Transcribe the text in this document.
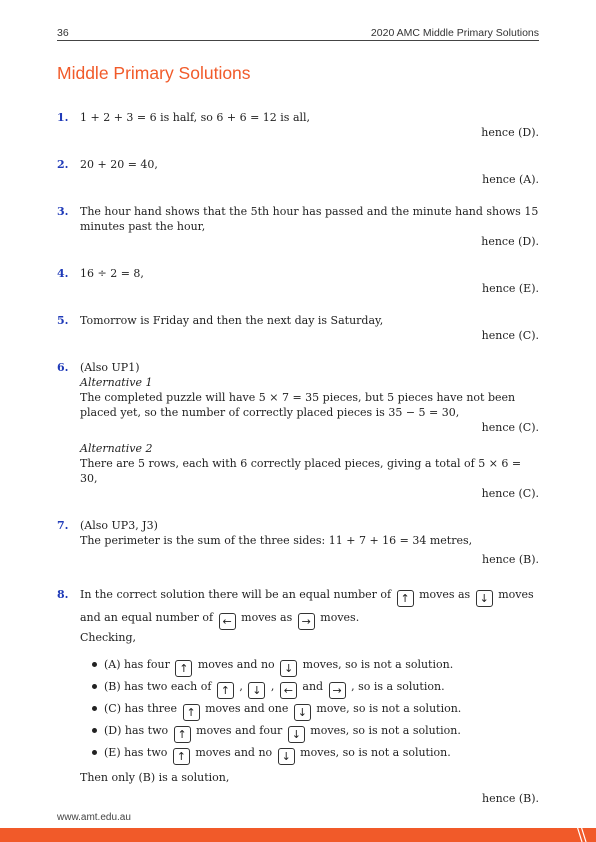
36	2020 AMC Middle Primary Solutions
Middle Primary Solutions
1. 1 + 2 + 3 = 6 is half, so 6 + 6 = 12 is all,
hence (D).
2. 20 + 20 = 40,
hence (A).
3. The hour hand shows that the 5th hour has passed and the minute hand shows 15 minutes past the hour,
hence (D).
4. 16 ÷ 2 = 8,
hence (E).
5. Tomorrow is Friday and then the next day is Saturday,
hence (C).
6. (Also UP1)
Alternative 1
The completed puzzle will have 5 × 7 = 35 pieces, but 5 pieces have not been placed yet, so the number of correctly placed pieces is 35 − 5 = 30,
hence (C).
Alternative 2
There are 5 rows, each with 6 correctly placed pieces, giving a total of 5 × 6 = 30,
hence (C).
7. (Also UP3, J3)
The perimeter is the sum of the three sides: 11 + 7 + 16 = 34 metres,
hence (B).
8. In the correct solution there will be an equal number of ↑ moves as ↓ moves and an equal number of ← moves as → moves.
Checking,
(A) has four ↑ moves and no ↓ moves, so is not a solution.
(B) has two each of ↑ , ↓ , ← and → , so is a solution.
(C) has three ↑ moves and one ↓ move, so is not a solution.
(D) has two ↑ moves and four ↓ moves, so is not a solution.
(E) has two ↑ moves and no ↓ moves, so is not a solution.
Then only (B) is a solution,
hence (B).
www.amt.edu.au
